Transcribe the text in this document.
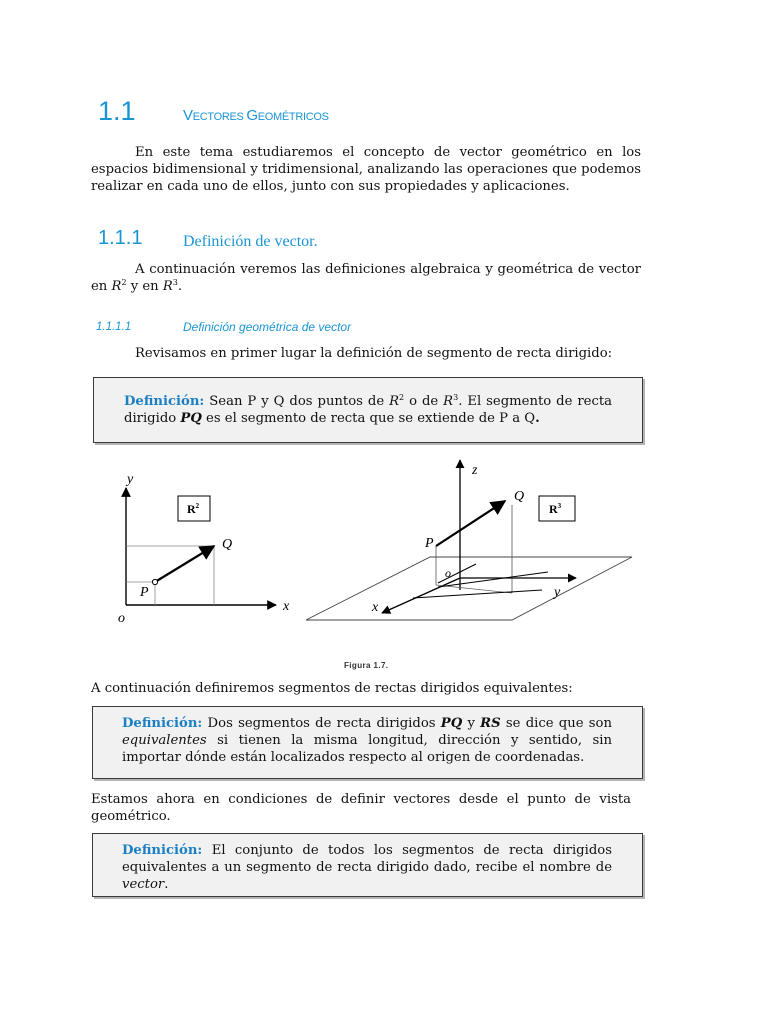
1.1	VECTORES GEOMÉTRICOS
En este tema estudiaremos el concepto de vector geométrico en los espacios bidimensional y tridimensional, analizando las operaciones que podemos realizar en cada uno de ellos, junto con sus propiedades y aplicaciones.
1.1.1	Definición de vector.
A continuación veremos las definiciones algebraica y geométrica de vector en $R^2$ y en $R^3$.
1.1.1.1	Definición geométrica de vector
Revisamos en primer lugar la definición de segmento de recta dirigido:
Definición: Sean P y Q dos puntos de $R^2$ o de $R^3$. El segmento de recta dirigido PQ es el segmento de recta que se extiende de P a Q.
y
x
o
P
Q
$R^2$
z
y
x
o
P
Q
$R^3$
Figura 1.7.
A continuación definiremos segmentos de rectas dirigidos equivalentes:
Definición: Dos segmentos de recta dirigidos PQ y RS se dice que son equivalentes si tienen la misma longitud, dirección y sentido, sin importar dónde están localizados respecto al origen de coordenadas.
Estamos ahora en condiciones de definir vectores desde el punto de vista geométrico.
Definición: El conjunto de todos los segmentos de recta dirigidos equivalentes a un segmento de recta dirigido dado, recibe el nombre de vector.
